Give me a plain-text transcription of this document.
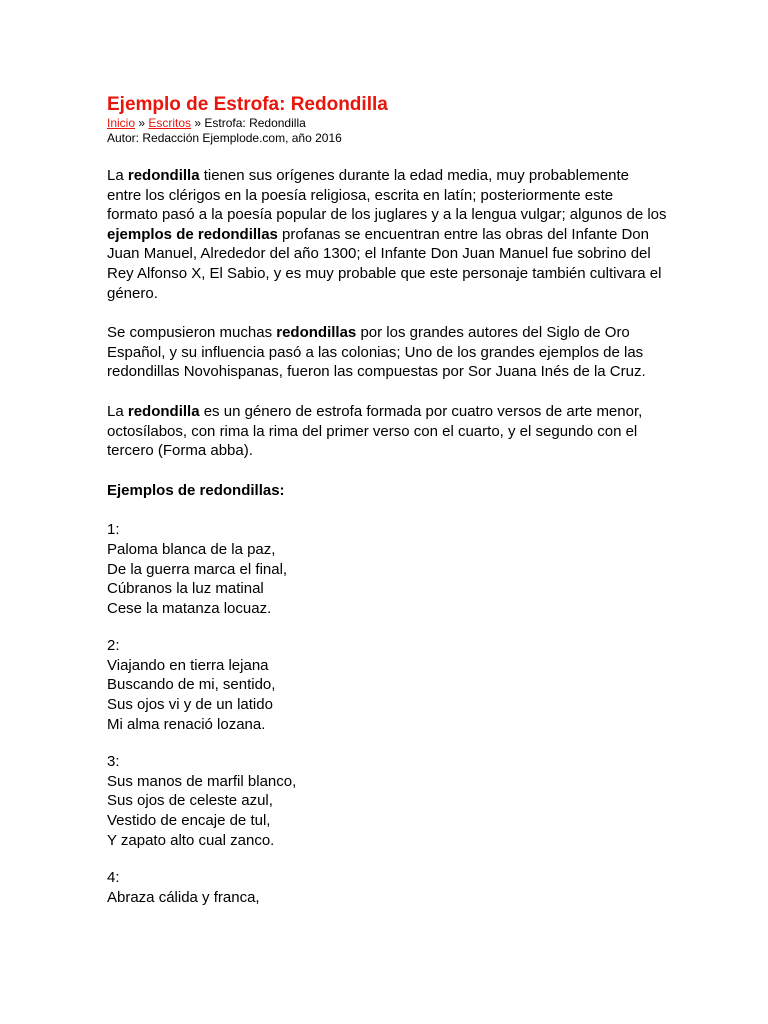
Ejemplo de Estrofa: Redondilla
Inicio » Escritos » Estrofa: Redondilla
Autor: Redacción Ejemplode.com, año 2016

La redondilla tienen sus orígenes durante la edad media, muy probablemente entre los clérigos en la poesía religiosa, escrita en latín; posteriormente este formato pasó a la poesía popular de los juglares y a la lengua vulgar; algunos de los ejemplos de redondillas profanas se encuentran entre las obras del Infante Don Juan Manuel, Alrededor del año 1300; el Infante Don Juan Manuel fue sobrino del Rey Alfonso X, El Sabio, y es muy probable que este personaje también cultivara el género.

Se compusieron muchas redondillas por los grandes autores del Siglo de Oro Español, y su influencia pasó a las colonias; Uno de los grandes ejemplos de las redondillas Novohispanas, fueron las compuestas por Sor Juana Inés de la Cruz.

La redondilla es un género de estrofa formada por cuatro versos de arte menor, octosílabos, con rima la rima del primer verso con el cuarto, y el segundo con el tercero (Forma abba).

Ejemplos de redondillas:
1:
Paloma blanca de la paz,
De la guerra marca el final,
Cúbranos la luz matinal
Cese la matanza locuaz.
2:
Viajando en tierra lejana
Buscando de mi, sentido,
Sus ojos vi y de un latido
Mi alma renació lozana.
3:
Sus manos de marfil blanco,
Sus ojos de celeste azul,
Vestido de encaje de tul,
Y zapato alto cual zanco.
4:
Abraza cálida y franca,
